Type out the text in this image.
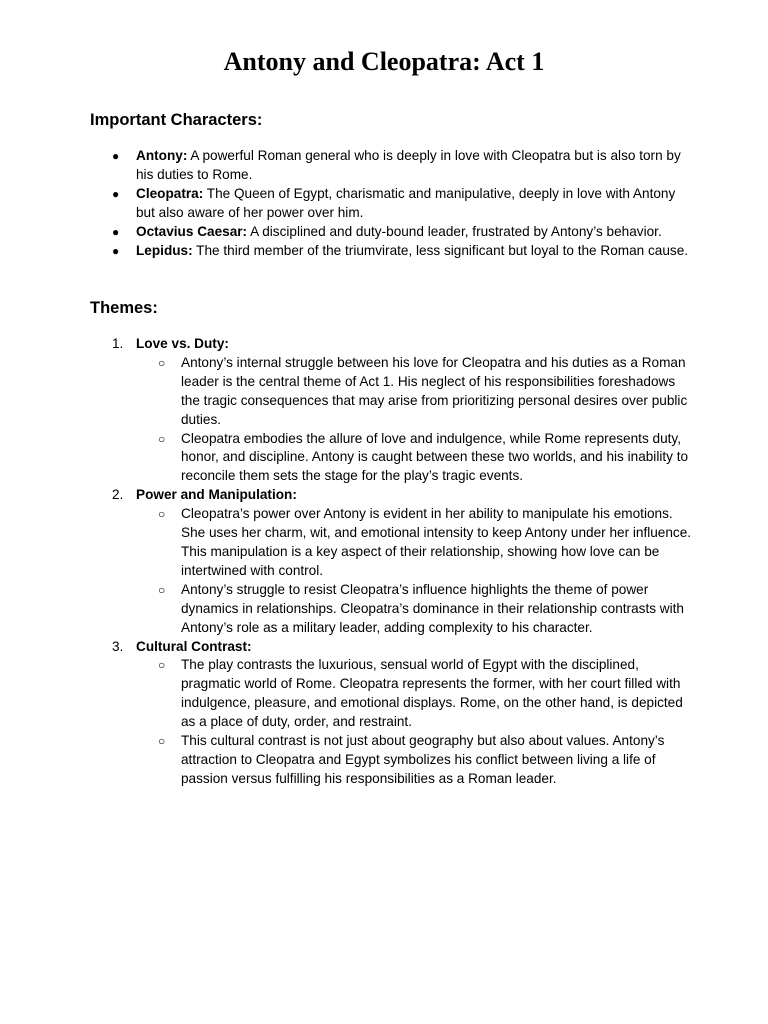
Antony and Cleopatra: Act 1
Important Characters:
●	Antony: A powerful Roman general who is deeply in love with Cleopatra but is also torn by his duties to Rome.
●	Cleopatra: The Queen of Egypt, charismatic and manipulative, deeply in love with Antony but also aware of her power over him.
●	Octavius Caesar: A disciplined and duty-bound leader, frustrated by Antony’s behavior.
●	Lepidus: The third member of the triumvirate, less significant but loyal to the Roman cause.
Themes:
1. Love vs. Duty:
○ Antony’s internal struggle between his love for Cleopatra and his duties as a Roman leader is the central theme of Act 1. His neglect of his responsibilities foreshadows the tragic consequences that may arise from prioritizing personal desires over public duties.
○ Cleopatra embodies the allure of love and indulgence, while Rome represents duty, honor, and discipline. Antony is caught between these two worlds, and his inability to reconcile them sets the stage for the play’s tragic events.
2. Power and Manipulation:
○ Cleopatra’s power over Antony is evident in her ability to manipulate his emotions. She uses her charm, wit, and emotional intensity to keep Antony under her influence. This manipulation is a key aspect of their relationship, showing how love can be intertwined with control.
○ Antony’s struggle to resist Cleopatra’s influence highlights the theme of power dynamics in relationships. Cleopatra’s dominance in their relationship contrasts with Antony’s role as a military leader, adding complexity to his character.
3. Cultural Contrast:
○ The play contrasts the luxurious, sensual world of Egypt with the disciplined, pragmatic world of Rome. Cleopatra represents the former, with her court filled with indulgence, pleasure, and emotional displays. Rome, on the other hand, is depicted as a place of duty, order, and restraint.
○ This cultural contrast is not just about geography but also about values. Antony’s attraction to Cleopatra and Egypt symbolizes his conflict between living a life of passion versus fulfilling his responsibilities as a Roman leader.
